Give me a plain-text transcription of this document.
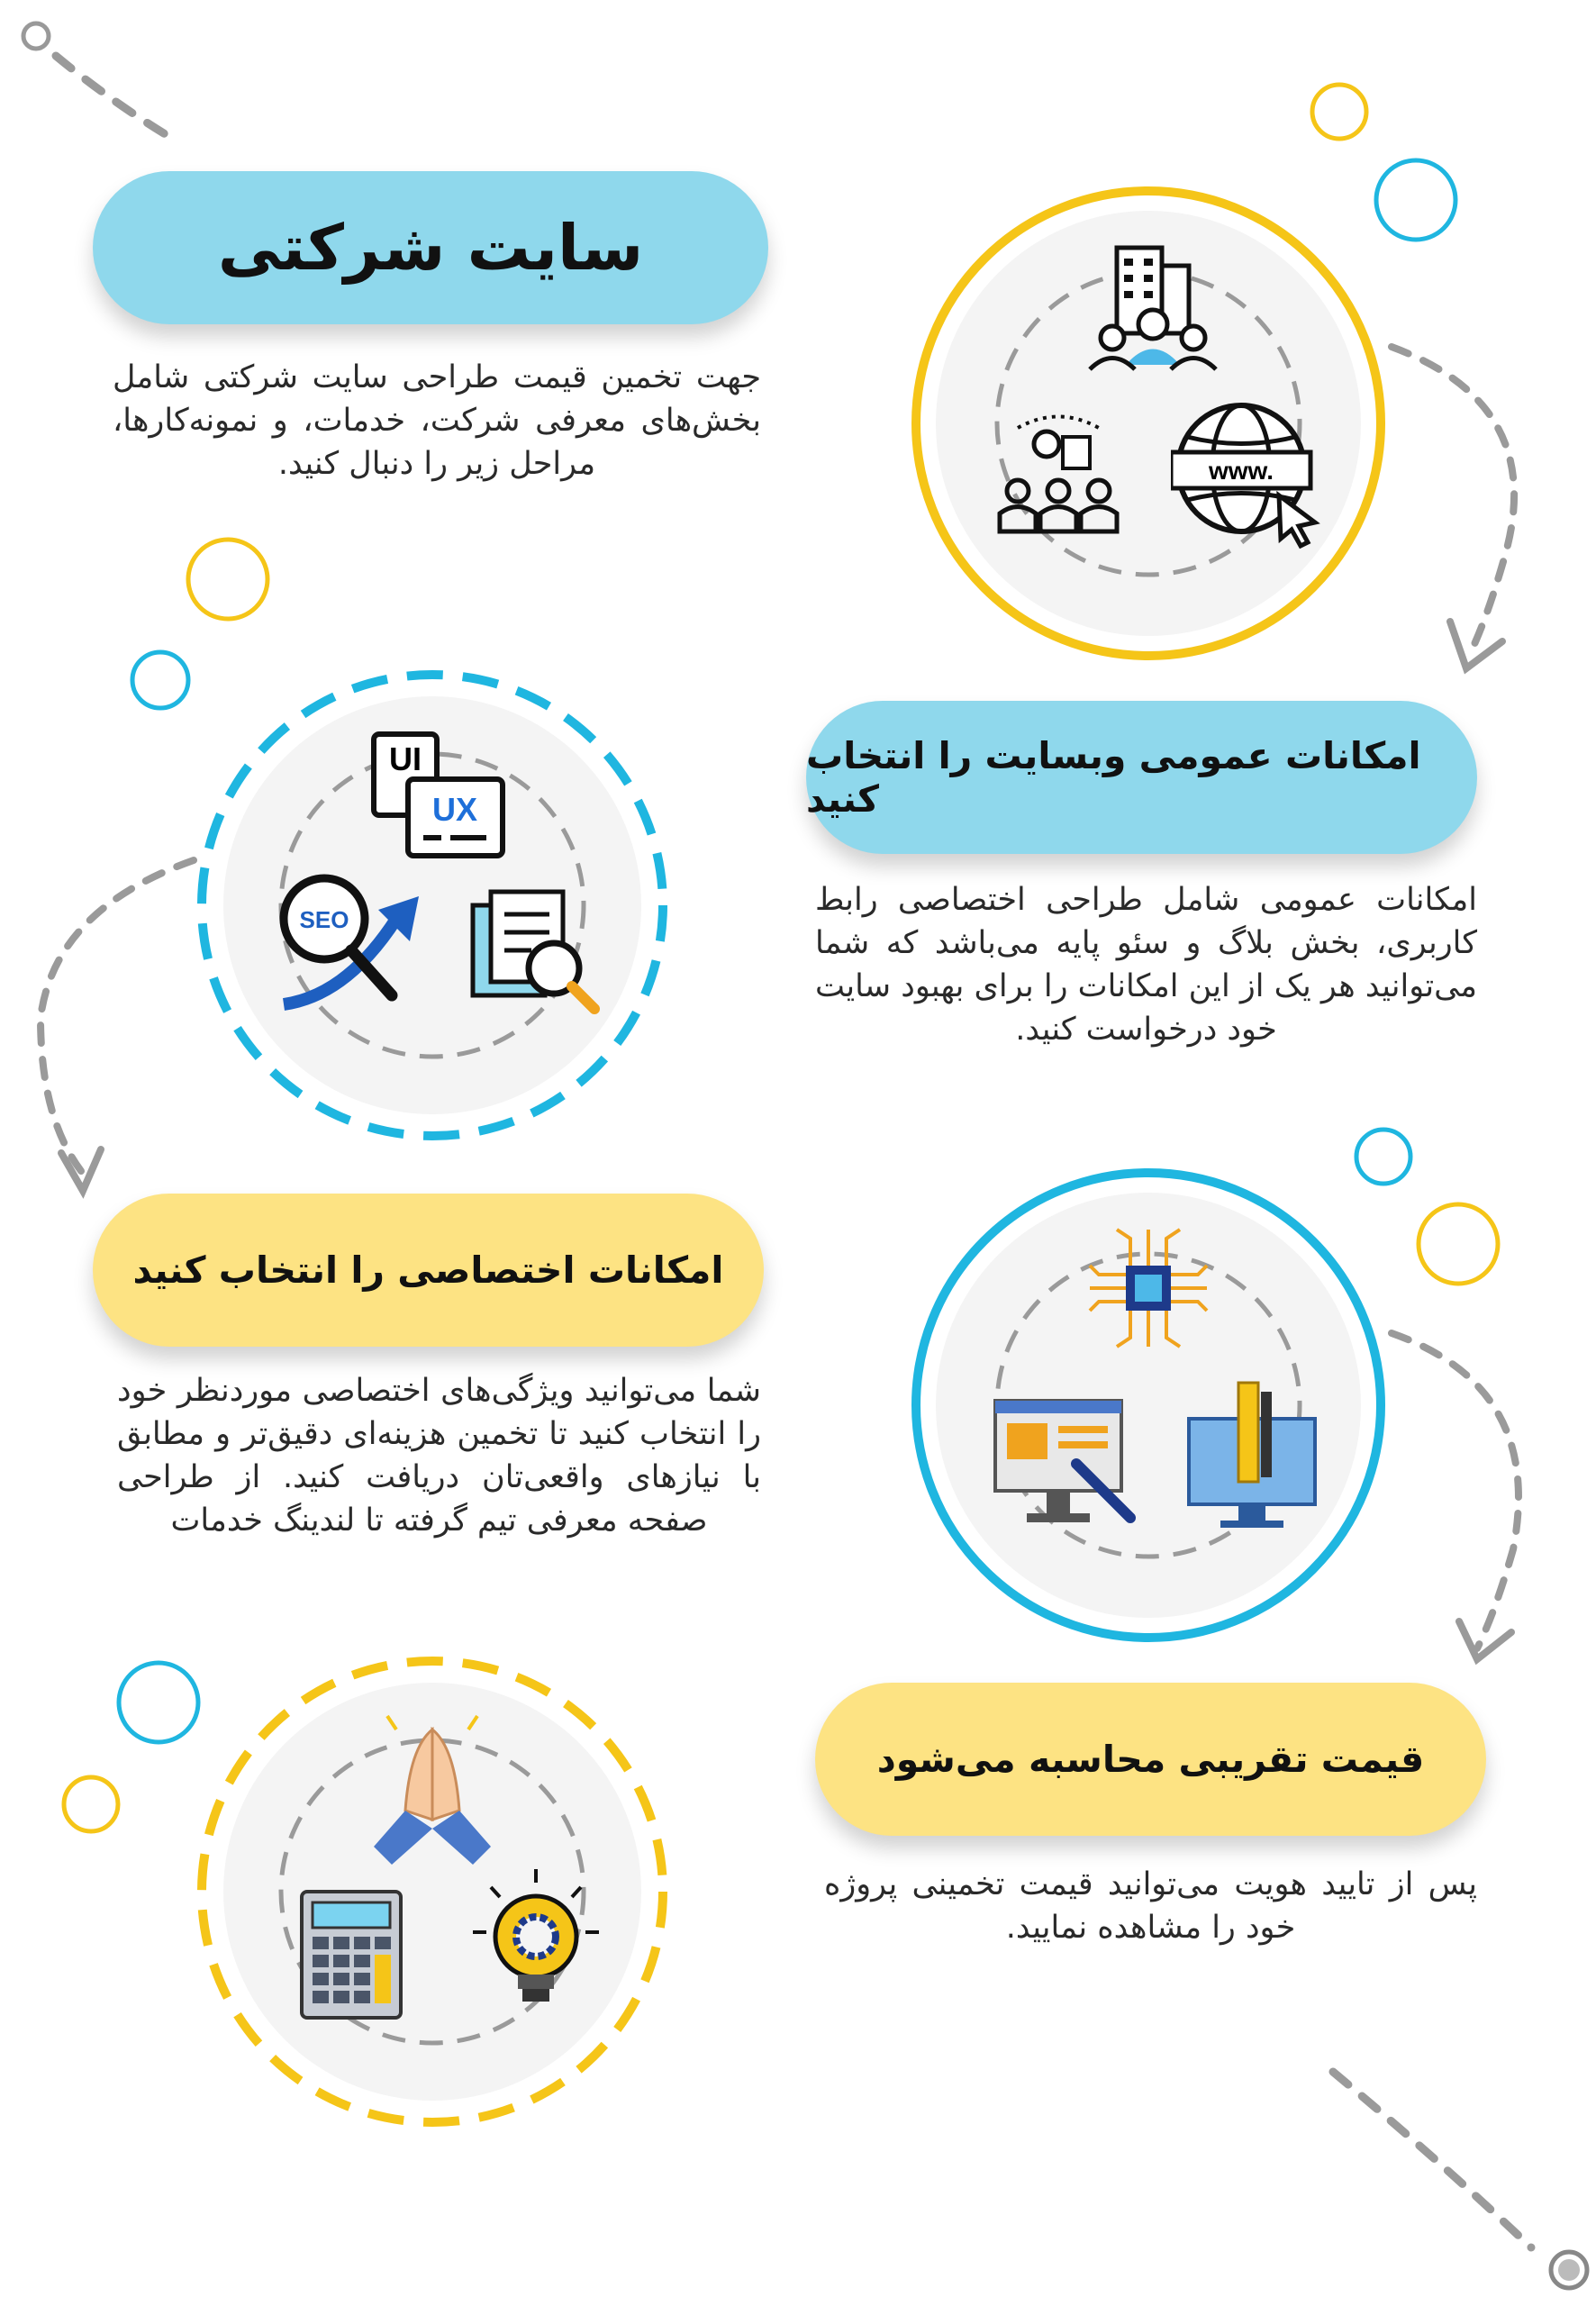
سایت شرکتی

جهت تخمین قیمت طراحی سایت شرکتی شامل بخش‌های معرفی شرکت، خدمات، و نمونه‌کارها، مراحل زیر را دنبال کنید.	www.
امکانات عمومی وبسایت را انتخاب کنید

امکانات عمومی شامل طراحی اختصاصی رابط کاربری، بخش بلاگ و سئو پایه می‌باشد که شما می‌توانید هر یک از این امکانات را برای بهبود سایت خود درخواست کنید.

UI
UX
SEO
امکانات اختصاصی را انتخاب کنید

شما می‌توانید ویژگی‌های اختصاصی موردنظر خود را انتخاب کنید تا تخمین هزینه‌ای دقیق‌تر و مطابق با نیازهای واقعی‌تان دریافت کنید. از طراحی صفحه معرفی تیم گرفته تا لندینگ خدمات

قیمت تقریبی محاسبه می‌شود

پس از تایید هویت می‌توانید قیمت تخمینی پروژه خود را مشاهده نمایید.
